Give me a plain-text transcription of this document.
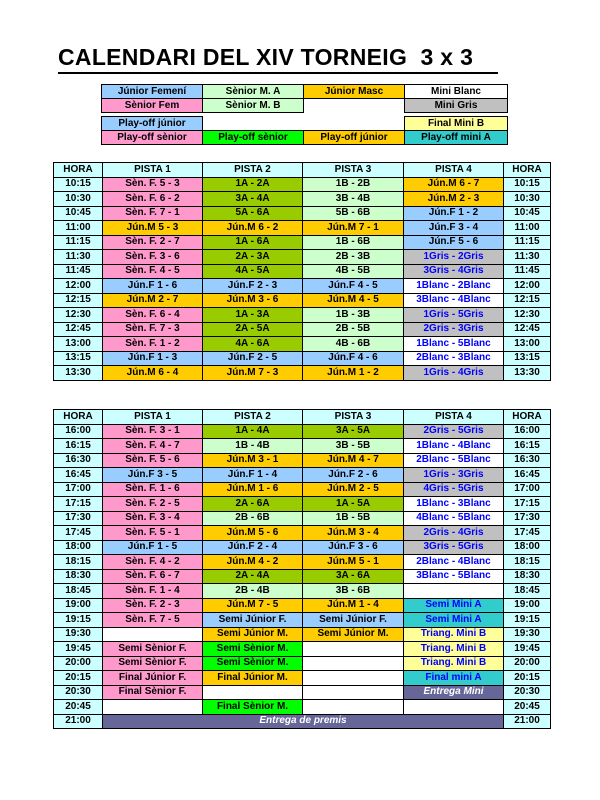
CALENDARI DEL XIV TORNEIG  3 x 3
Júnior Femení	Sènior M. A	Júnior Masc	Mini Blanc
Sènior Fem	Sènior M. B		Mini Gris

Play-off júnior			Final Mini B
Play-off sènior	Play-off sènior	Play-off júnior	Play-off mini A
HORA	PISTA 1	PISTA 2	PISTA 3	PISTA 4	HORA
10:15	Sèn. F. 5 - 3	1A - 2A	1B - 2B	Jún.M 6 - 7	10:15
10:30	Sèn. F. 6 - 2	3A - 4A	3B - 4B	Jún.M 2 - 3	10:30
10:45	Sèn. F. 7 - 1	5A - 6A	5B - 6B	Jún.F 1 - 2	10:45
11:00	Jún.M 5 - 3	Jún.M 6 - 2	Jún.M 7 - 1	Jún.F 3 - 4	11:00
11:15	Sèn. F. 2 - 7	1A - 6A	1B - 6B	Jún.F 5 - 6	11:15
11:30	Sèn. F. 3 - 6	2A - 3A	2B - 3B	1Gris - 2Gris	11:30
11:45	Sèn. F. 4 - 5	4A - 5A	4B - 5B	3Gris - 4Gris	11:45
12:00	Jún.F 1 - 6	Jún.F 2 - 3	Jún.F 4 - 5	1Blanc - 2Blanc	12:00
12:15	Jún.M 2 - 7	Jún.M 3 - 6	Jún.M 4 - 5	3Blanc - 4Blanc	12:15
12:30	Sèn. F. 6 - 4	1A - 3A	1B - 3B	1Gris - 5Gris	12:30
12:45	Sèn. F. 7 - 3	2A - 5A	2B - 5B	2Gris - 3Gris	12:45
13:00	Sèn. F. 1 - 2	4A - 6A	4B - 6B	1Blanc - 5Blanc	13:00
13:15	Jún.F 1 - 3	Jún.F 2 - 5	Jún.F 4 - 6	2Blanc - 3Blanc	13:15
13:30	Jún.M 6 - 4	Jún.M 7 - 3	Jún.M 1 - 2	1Gris - 4Gris	13:30
HORA	PISTA 1	PISTA 2	PISTA 3	PISTA 4	HORA
16:00	Sèn. F. 3 - 1	1A - 4A	3A - 5A	2Gris - 5Gris	16:00
16:15	Sèn. F. 4 - 7	1B - 4B	3B - 5B	1Blanc - 4Blanc	16:15
16:30	Sèn. F. 5 - 6	Jún.M 3 - 1	Jún.M 4 - 7	2Blanc - 5Blanc	16:30
16:45	Jún.F 3 - 5	Jún.F 1 - 4	Jún.F 2 - 6	1Gris - 3Gris	16:45
17:00	Sèn. F. 1 - 6	Jún.M 1 - 6	Jún.M 2 - 5	4Gris - 5Gris	17:00
17:15	Sèn. F. 2 - 5	2A - 6A	1A - 5A	1Blanc - 3Blanc	17:15
17:30	Sèn. F. 3 - 4	2B - 6B	1B - 5B	4Blanc - 5Blanc	17:30
17:45	Sèn. F. 5 - 1	Jún.M 5 - 6	Jún.M 3 - 4	2Gris - 4Gris	17:45
18:00	Jún.F 1 - 5	Jún.F 2 - 4	Jún.F 3 - 6	3Gris - 5Gris	18:00
18:15	Sèn. F. 4 - 2	Jún.M 4 - 2	Jún.M 5 - 1	2Blanc - 4Blanc	18:15
18:30	Sèn. F. 6 - 7	2A - 4A	3A - 6A	3Blanc - 5Blanc	18:30
18:45	Sèn. F. 1 - 4	2B - 4B	3B - 6B		18:45
19:00	Sèn. F. 2 - 3	Jún.M 7 - 5	Jún.M 1 - 4	Semi Mini A	19:00
19:15	Sèn. F. 7 - 5	Semi Júnior F.	Semi Júnior F.	Semi Mini A	19:15
19:30		Semi Júnior M.	Semi Júnior M.	Triang. Mini B	19:30
19:45	Semi Sènior F.	Semi Sènior M.		Triang. Mini B	19:45
20:00	Semi Sènior F.	Semi Sènior M.		Triang. Mini B	20:00
20:15	Final Júnior F.	Final Júnior M.		Final mini A	20:15
20:30	Final Sènior F.			Entrega Mini	20:30
20:45		Final Sènior M.			20:45
21:00	Entrega de premis				21:00
